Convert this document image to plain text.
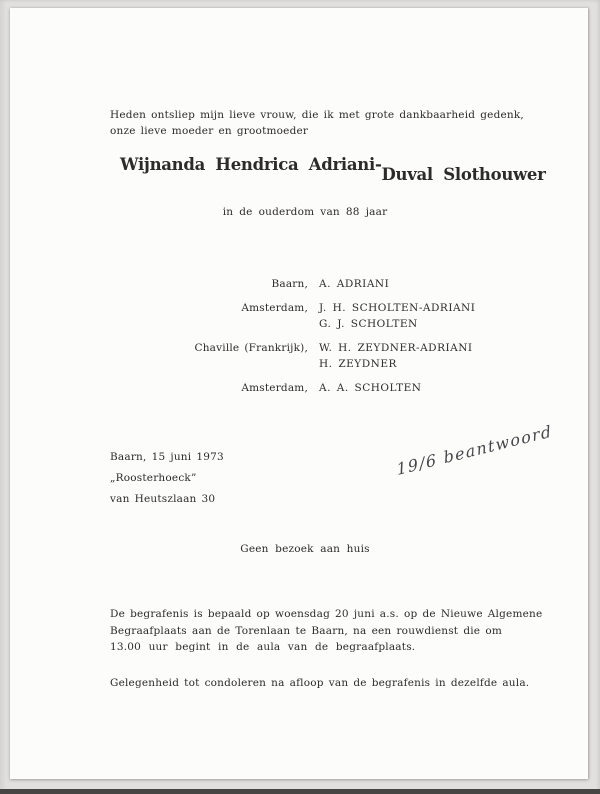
Heden ontsliep mijn lieve vrouw, die ik met grote dankbaarheid gedenk,
onze lieve moeder en grootmoeder
Wijnanda Hendrica Adriani-Duval Slothouwer
in de ouderdom van 88 jaar
Baarn, A. ADRIANI
Amsterdam, J. H. SCHOLTEN-ADRIANI
G. J. SCHOLTEN
Chaville (Frankrijk), W. H. ZEYDNER-ADRIANI
H. ZEYDNER
Amsterdam, A. A. SCHOLTEN
Baarn, 15 juni 1973
„Roosterhoeck”
van Heutszlaan 30
19/6 beantwoord
Geen bezoek aan huis
De begrafenis is bepaald op woensdag 20 juni a.s. op de Nieuwe Algemene
Begraafplaats aan de Torenlaan te Baarn, na een rouwdienst die om
13.00 uur begint in de aula van de begraafplaats.
Gelegenheid tot condoleren na afloop van de begrafenis in dezelfde aula.
